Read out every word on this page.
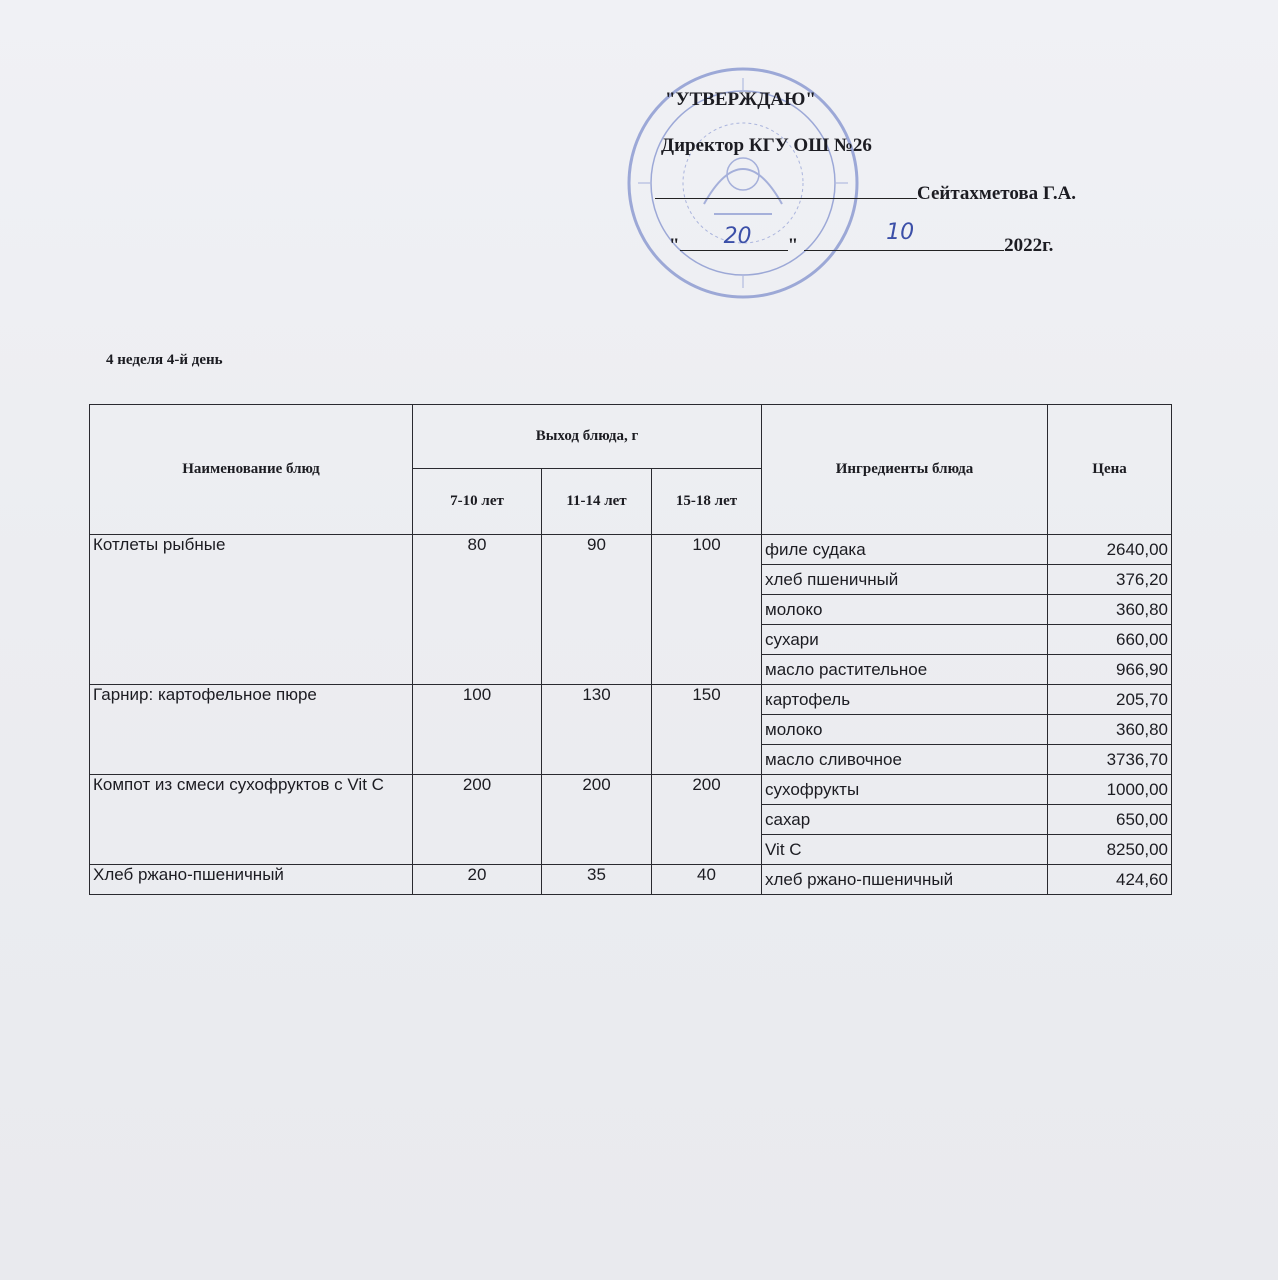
"УТВЕРЖДАЮ"
Директор КГУ ОШ №26
Сейтахметова Г.А.
" 20 "
10
2022г.
4 неделя 4-й день
Наименование блюд	Выход блюда, г			Ингредиенты блюда	Цена
	7-10 лет	11-14 лет	15-18 лет		
Котлеты рыбные	80	90	100	филе судака	2640,00
				хлеб пшеничный	376,20
				молоко	360,80
				сухари	660,00
				масло растительное	966,90
Гарнир: картофельное пюре	100	130	150	картофель	205,70
				молоко	360,80
				масло сливочное	3736,70
Компот из смеси сухофруктов с Vit C	200	200	200	сухофрукты	1000,00
				сахар	650,00
				Vit C	8250,00
Хлеб ржано-пшеничный	20	35	40	хлеб ржано-пшеничный	424,60
